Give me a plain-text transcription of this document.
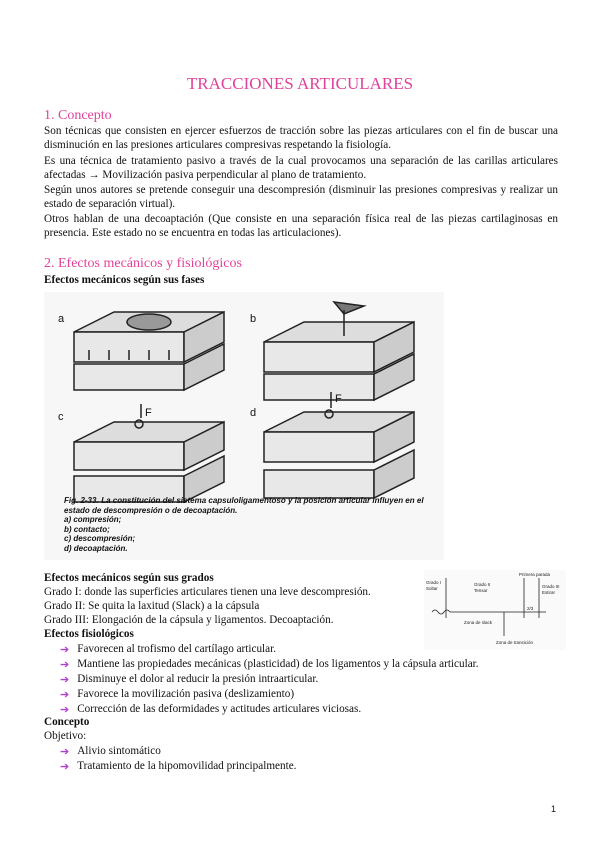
TRACCIONES ARTICULARES
1. Concepto
Son técnicas que consisten en ejercer esfuerzos de tracción sobre las piezas articulares con el fin de buscar una disminución en las presiones articulares compresivas respetando la fisiología.
Es una técnica de tratamiento pasivo a través de la cual provocamos una separación de las carillas articulares afectadas → Movilización pasiva perpendicular al plano de tratamiento.
Según unos autores se pretende conseguir una descompresión (disminuir las presiones compresivas y realizar un estado de separación virtual).
Otros hablan de una decoaptación (Que consiste en una separación física real de las piezas cartilaginosas en presencia. Este estado no se encuentra en todas las articulaciones).
2. Efectos mecánicos y fisiológicos
Efectos mecánicos según sus fases
a	b
c	d
F
F
Fig. 2-33. La constitución del sistema capsuloligamentoso y la posición articular influyen en el estado de descompresión o de decoaptación.
a) compresión;
b) contacto;
c) descompresión;
d) decoaptación.
Efectos mecánicos según sus grados
Grado I: donde las superficies articulares tienen una leve descompresión.
Grado II: Se quita la laxitud (Slack) a la cápsula
Grado III: Elongación de la cápsula y ligamentos. Decoaptación.
Grado I
Soltar
Grado II
Tensar
Grado III
Estirar
Primera parada
Zona de slack
2/3
Zona de transición
Efectos fisiológicos
➔ Favorecen al trofismo del cartílago articular.
➔ Mantiene las propiedades mecánicas (plasticidad) de los ligamentos y la cápsula articular.
➔ Disminuye el dolor al reducir la presión intraarticular.
➔ Favorece la movilización pasiva (deslizamiento)
➔ Corrección de las deformidades y actitudes articulares viciosas.
Concepto
Objetivo:
➔ Alivio sintomático
➔ Tratamiento de la hipomovilidad principalmente.
1
